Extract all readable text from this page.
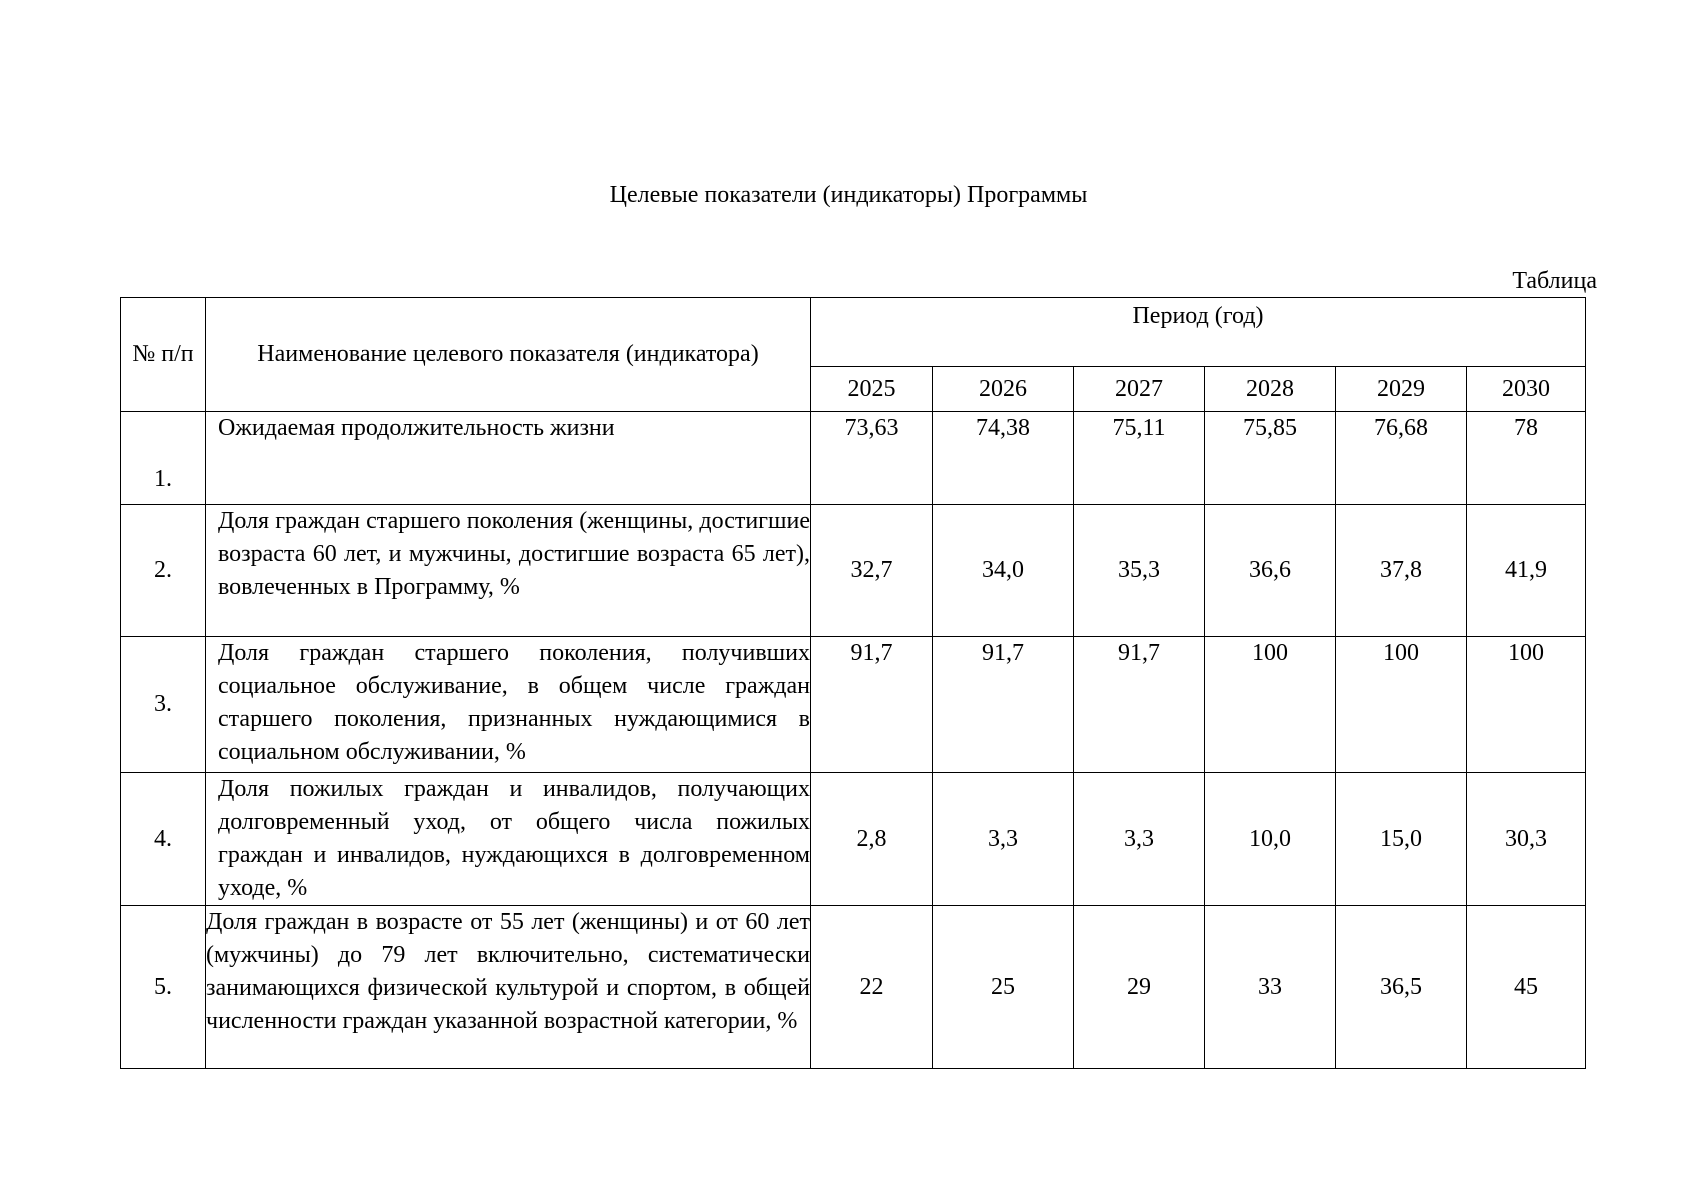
Целевые показатели (индикаторы) Программы
Таблица
№ п/п	Наименование целевого показателя (индикатора)	Период (год)					
		2025	2026	2027	2028	2029	2030
1.	Ожидаемая продолжительность жизни	73,63	74,38	75,11	75,85	76,68	78
2.	Доля граждан старшего поколения (женщины, достигшие возраста 60 лет, и мужчины, достигшие возраста 65 лет), вовлеченных в Программу, %	32,7	34,0	35,3	36,6	37,8	41,9
3.	Доля граждан старшего поколения, получивших социальное обслуживание, в общем числе граждан старшего поколения, признанных нуждающимися в социальном обслуживании, %	91,7	91,7	91,7	100	100	100
4.	Доля пожилых граждан и инвалидов, получающих долговременный уход, от общего числа пожилых граждан и инвалидов, нуждающихся в долговременном уходе, %	2,8	3,3	3,3	10,0	15,0	30,3
5.	Доля граждан в возрасте от 55 лет (женщины) и от 60 лет (мужчины) до 79 лет включительно, систематически занимающихся физической культурой и спортом, в общей численности граждан указанной возрастной категории, %	22	25	29	33	36,5	45
